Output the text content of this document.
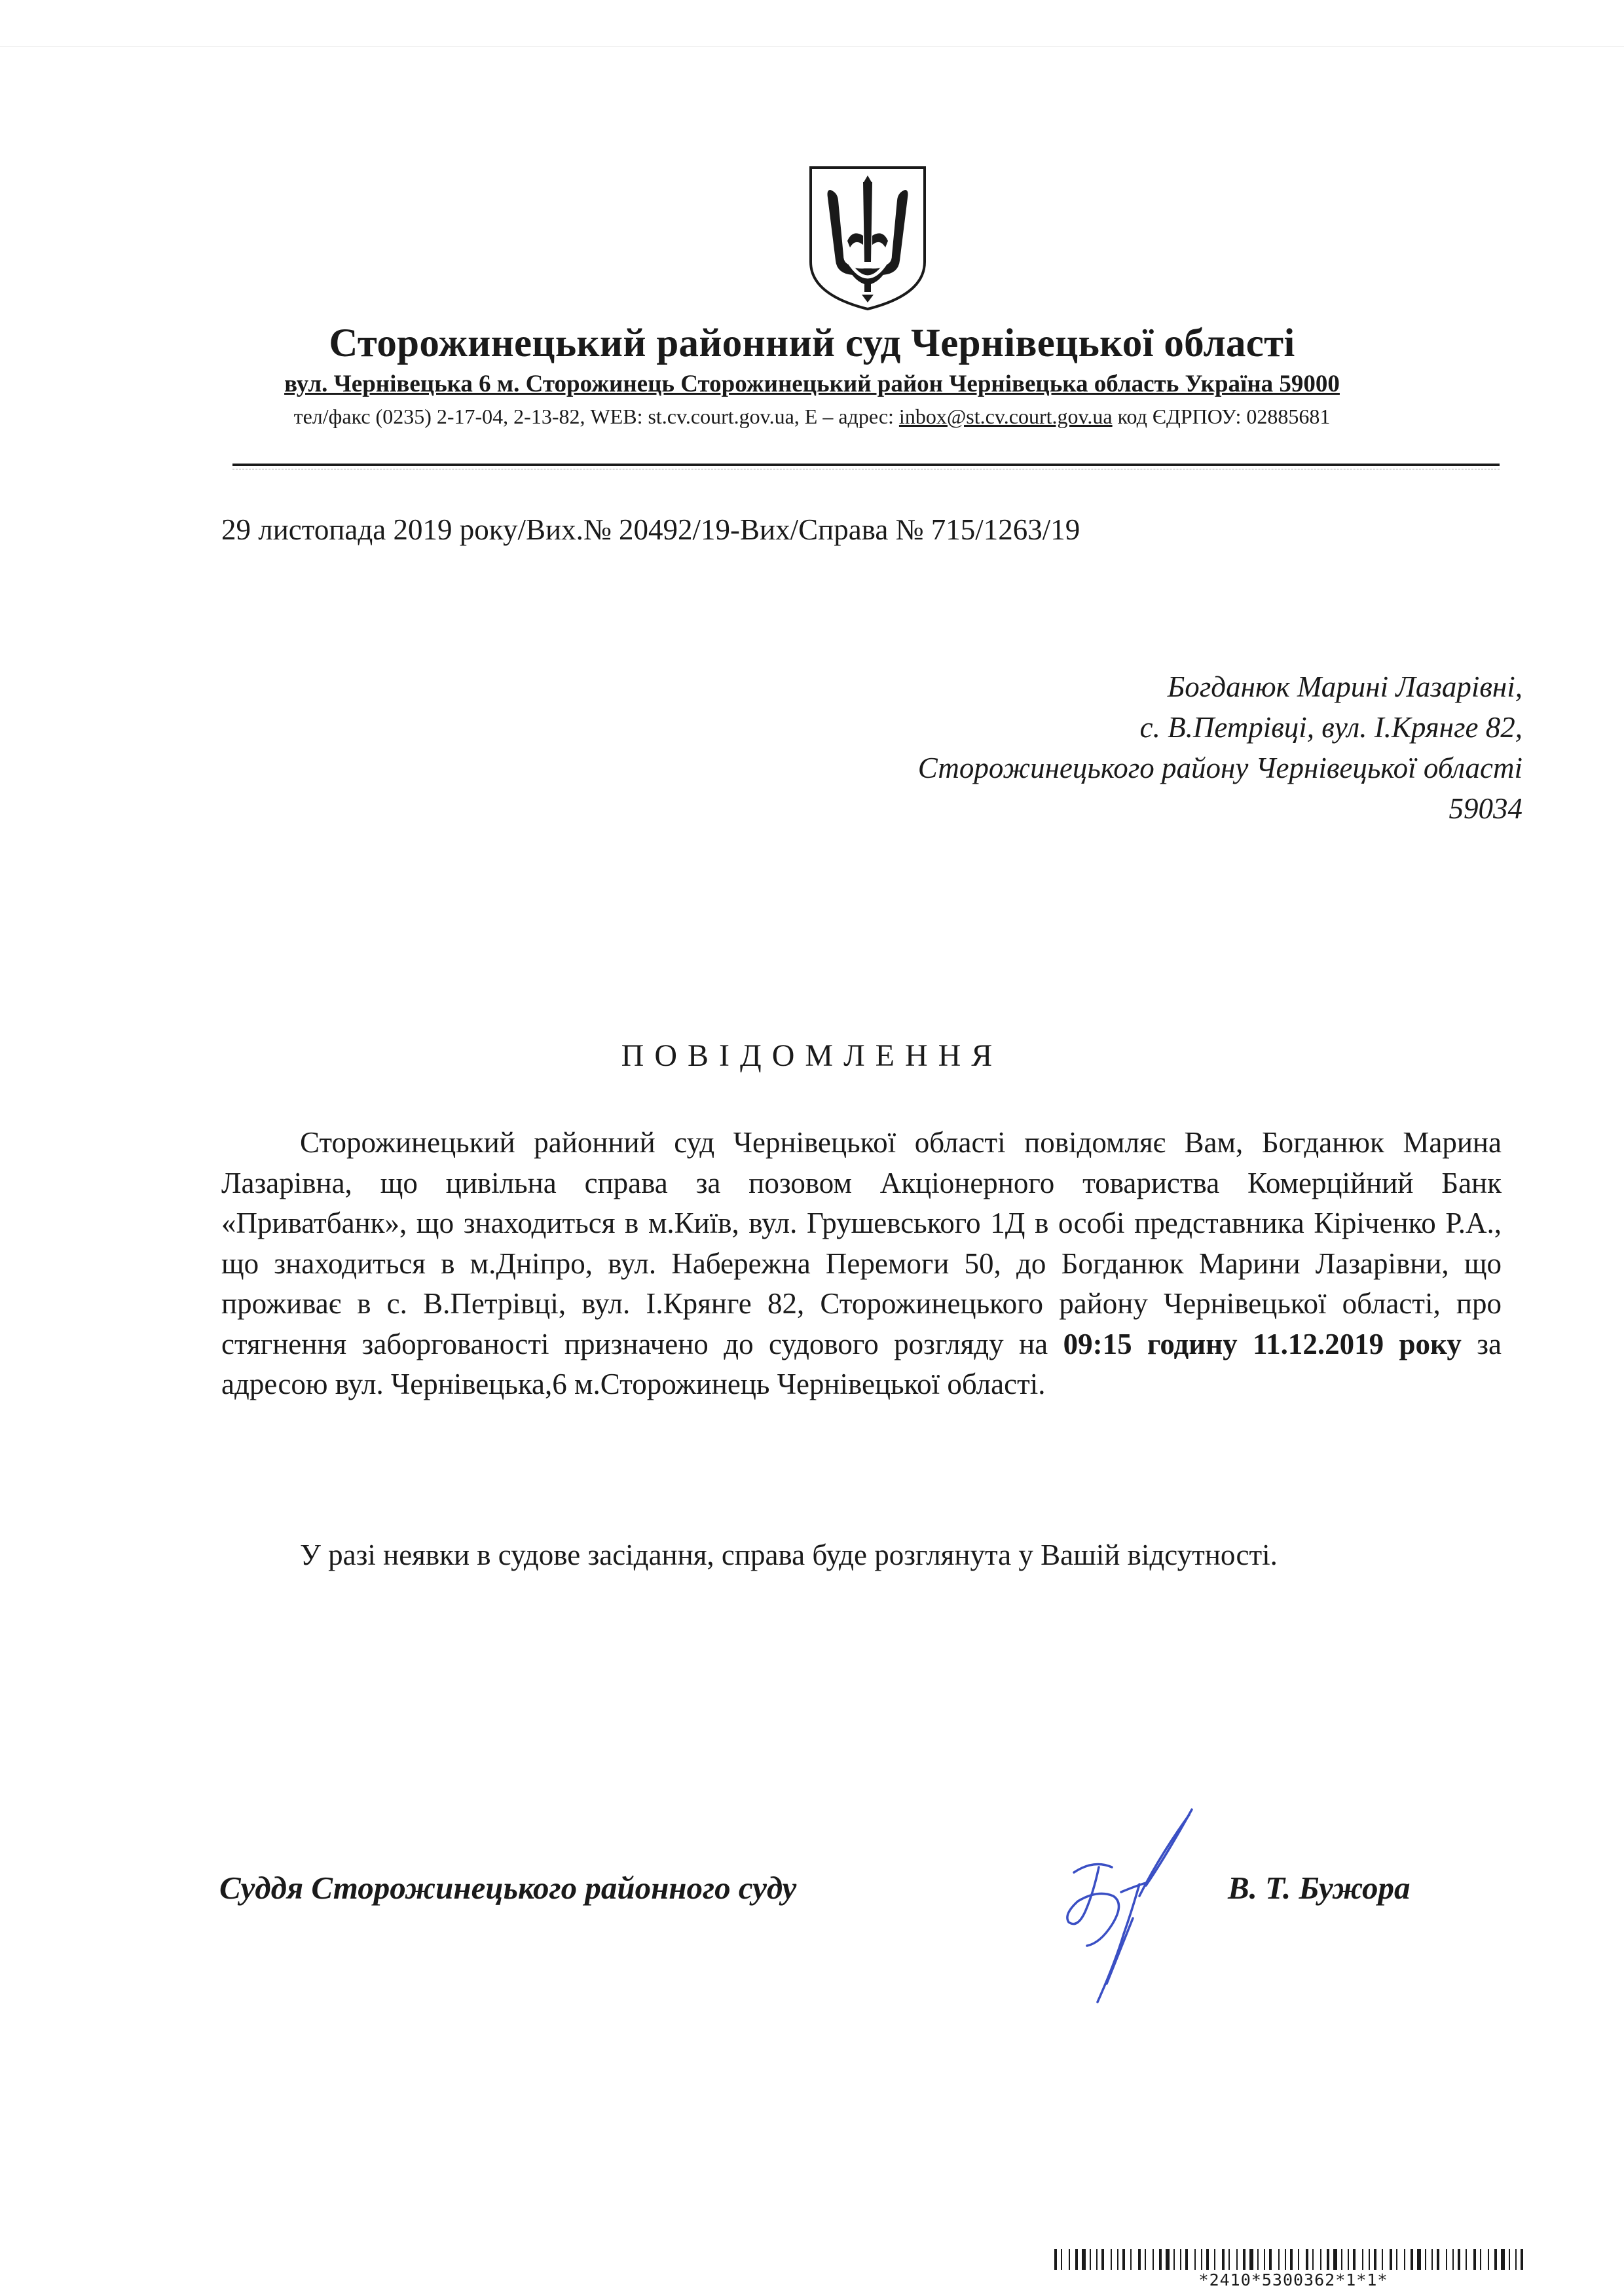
Сторожинецький районний суд Чернівецької області
вул. Чернівецька 6 м. Сторожинець Сторожинецький район Чернівецька область Україна 59000
тел/факс (0235) 2-17-04, 2-13-82, WEB: st.cv.court.gov.ua, E – адрес: inbox@st.cv.court.gov.ua код ЄДРПОУ: 02885681
29 листопада 2019 року/Вих.№ 20492/19-Вих/Справа № 715/1263/19
Богданюк Марині Лазарівні,
с. В.Петрівці, вул. І.Крянге 82,
Сторожинецького району Чернівецької області
59034
ПОВІДОМЛЕННЯ
Сторожинецький районний суд Чернівецької області повідомляє Вам, Богданюк Марина Лазарівна, що цивільна справа за позовом Акціонерного товариства Комерційний Банк «Приватбанк», що знаходиться в м.Київ, вул. Грушевського 1Д в особі представника Кіріченко Р.А., що знаходиться в м.Дніпро, вул. Набережна Перемоги 50, до Богданюк Марини Лазарівни, що проживає в с. В.Петрівці, вул. І.Крянге 82, Сторожинецького району Чернівецької області, про стягнення заборгованості призначено до судового розгляду на 09:15 годину 11.12.2019 року за адресою вул. Чернівецька,6 м.Сторожинець Чернівецької області.
У разі неявки в судове засідання, справа буде розглянута у Вашій відсутності.
Суддя Сторожинецького районного суду	В. Т. Бужора
*2410*5300362*1*1*
